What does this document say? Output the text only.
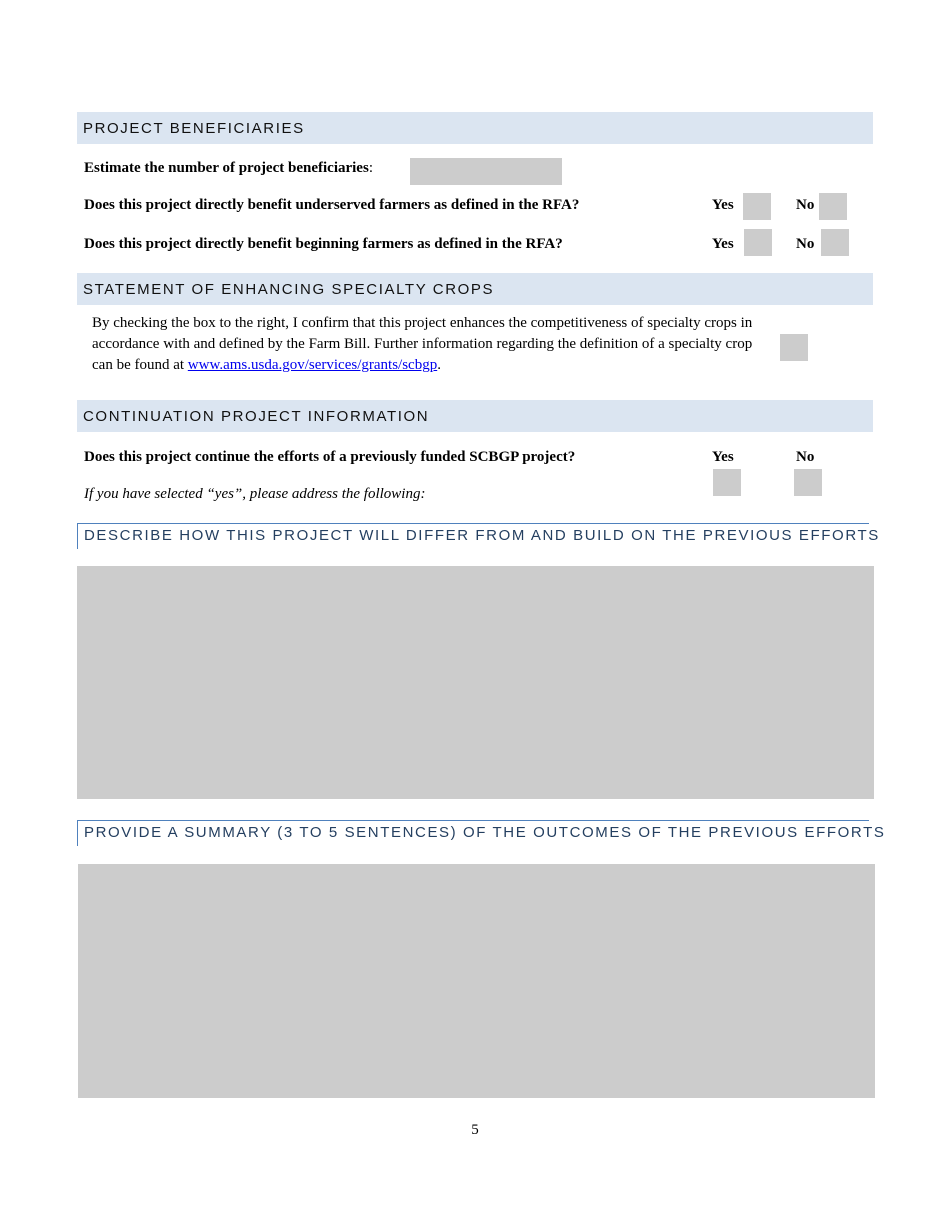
PROJECT BENEFICIARIES
Estimate the number of project beneficiaries:
Does this project directly benefit underserved farmers as defined in the RFA?	Yes	No
Does this project directly benefit beginning farmers as defined in the RFA?	Yes	No
STATEMENT OF ENHANCING SPECIALTY CROPS
By checking the box to the right, I confirm that this project enhances the competitiveness of specialty crops in accordance with and defined by the Farm Bill. Further information regarding the definition of a specialty crop can be found at www.ams.usda.gov/services/grants/scbgp.
CONTINUATION PROJECT INFORMATION
Does this project continue the efforts of a previously funded SCBGP project?	Yes	No
If you have selected “yes”, please address the following:
DESCRIBE HOW THIS PROJECT WILL DIFFER FROM AND BUILD ON THE PREVIOUS EFFORTS
PROVIDE A SUMMARY (3 TO 5 SENTENCES) OF THE OUTCOMES OF THE PREVIOUS EFFORTS
5
